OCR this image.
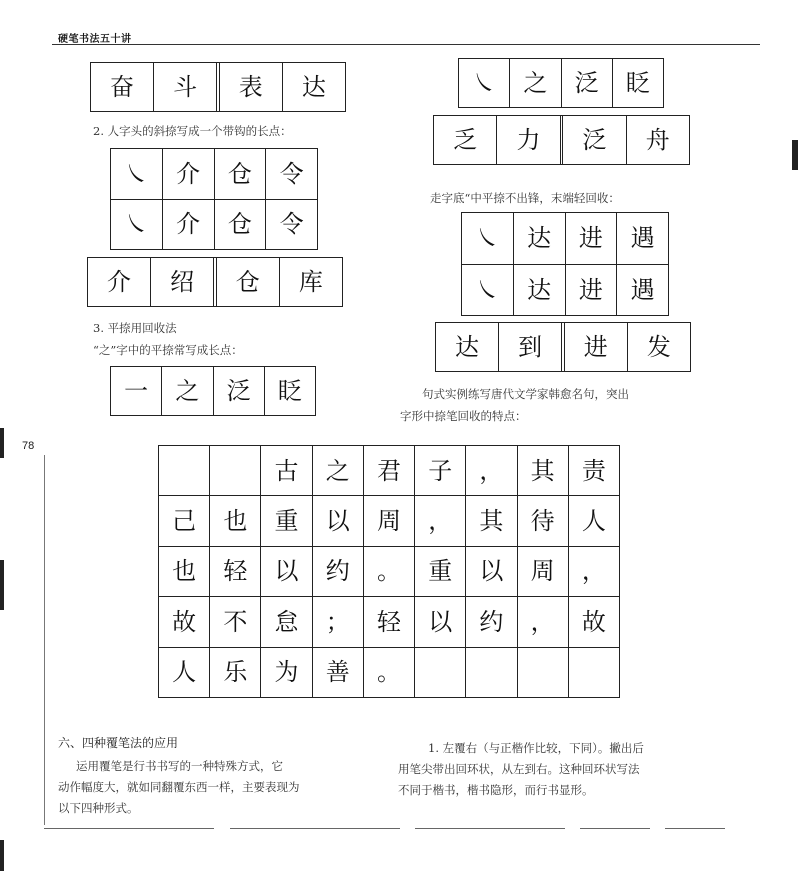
硬笔书法五十讲
78
奋	斗		表	达
2. 人字头的斜捺写成一个带钩的长点：
㇏	介	仓	令
㇏	介	仓	令
介	绍		仓	库
3. 平捺用回收法
“之”字中的平捺常写成长点：
一	之	泛	眨
㇏	之	泛	眨
乏	力		泛	舟
走字底“中平捺不出锋，末端轻回收：
㇏	达	进	遇
㇏	达	进	遇
达	到		进	发
句式实例练写唐代文学家韩愈名句，突出
字形中捺笔回收的特点：
		古	之	君	子	，	其	责
己	也	重	以	周	，	其	待	人
也	轻	以	约	。	重	以	周	，
故	不	怠	；	轻	以	约	，	故
人	乐	为	善	。				
六、四种覆笔法的应用
运用覆笔是行书书写的一种特殊方式，它
动作幅度大，就如同翻覆东西一样，主要表现为
以下四种形式。
1. 左覆右（与正楷作比较，下同）。撇出后
用笔尖带出回环状，从左到右。这种回环状写法
不同于楷书，楷书隐形，而行书显形。
